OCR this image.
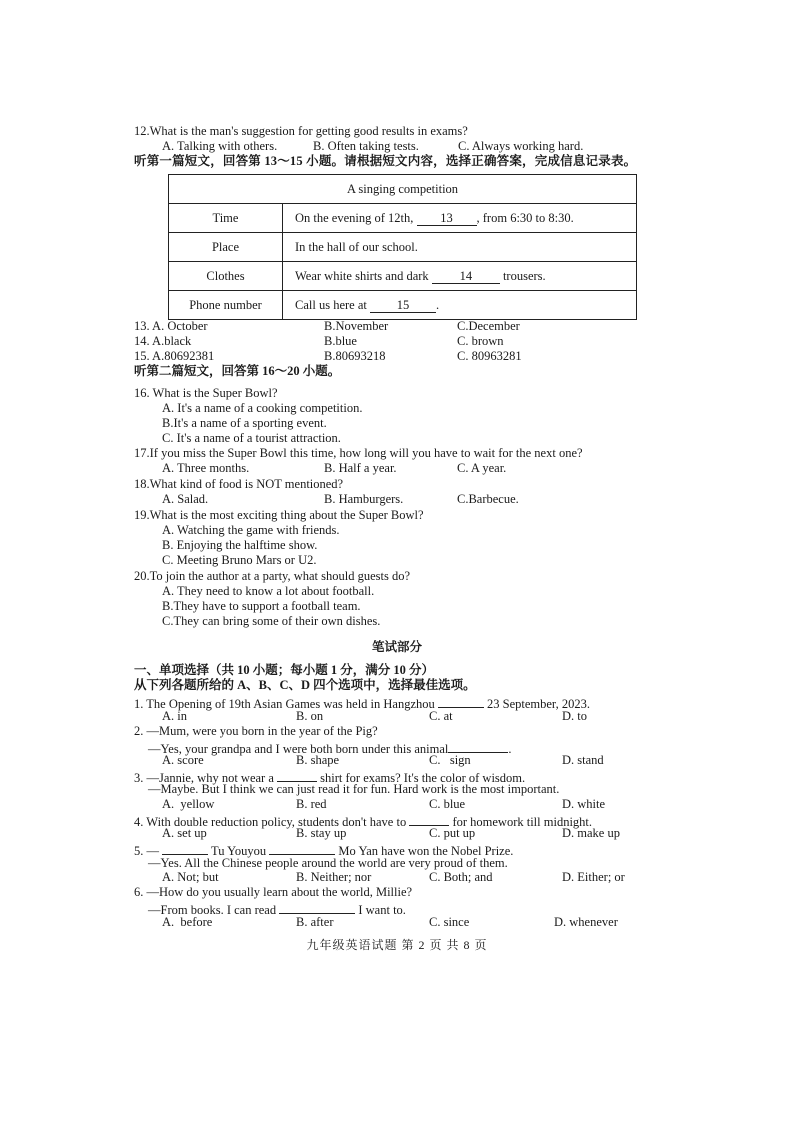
12.What is the man's suggestion for getting good results in exams?
A. Talking with others.	B. Often taking tests.	C. Always working hard.
听第一篇短文，回答第 13～15 小题。请根据短文内容，选择正确答案，完成信息记录表。
A singing competition	
Time	On the evening of 12th, 13 , from 6:30 to 8:30.
Place	In the hall of our school.
Clothes	Wear white shirts and dark 14 trousers.
Phone number	Call us here at 15 .
13. A. October	B.November	C.December
14. A.black	B.blue	C. brown
15. A.80692381	B.80693218	C. 80963281
听第二篇短文，回答第 16～20 小题。
16. What is the Super Bowl?
A. It's a name of a cooking competition.
B.It's a name of a sporting event.
C. It's a name of a tourist attraction.
17.If you miss the Super Bowl this time, how long will you have to wait for the next one?
A. Three months.	B. Half a year.	C. A year.
18.What kind of food is NOT mentioned?
A. Salad.	B. Hamburgers.	C.Barbecue.
19.What is the most exciting thing about the Super Bowl?
A. Watching the game with friends.
B. Enjoying the halftime show.
C. Meeting Bruno Mars or U2.
20.To join the author at a party, what should guests do?
A. They need to know a lot about football.
B.They have to support a football team.
C.They can bring some of their own dishes.
笔试部分
一、单项选择（共 10 小题；每小题 1 分，满分 10 分）
从下列各题所给的 A、B、C、D 四个选项中，选择最佳选项。
1. The Opening of 19th Asian Games was held in Hangzhou	23 September, 2023.
A. in	B. on	C. at	D. to
2. —Mum, were you born in the year of the Pig?
—Yes, your grandpa and I were both born under this animal	.
A. score	B. shape	C.   sign	D. stand
3. —Jannie, why not wear a	shirt for exams? It's the color of wisdom.
—Maybe. But I think we can just read it for fun. Hard work is the most important.
A.  yellow	B. red	C. blue	D. white
4. With double reduction policy, students don't have to	for homework till midnight.
A. set up	B. stay up	C. put up	D. make up
5. —	Tu Youyou	Mo Yan have won the Nobel Prize.
—Yes. All the Chinese people around the world are very proud of them.
A. Not; but	B. Neither; nor	C. Both; and	D. Either; or
6. —How do you usually learn about the world, Millie?
—From books. I can read	I want to.
A.  before	B. after	C. since	D. whenever
九年级英语试题 第 2 页 共 8 页
